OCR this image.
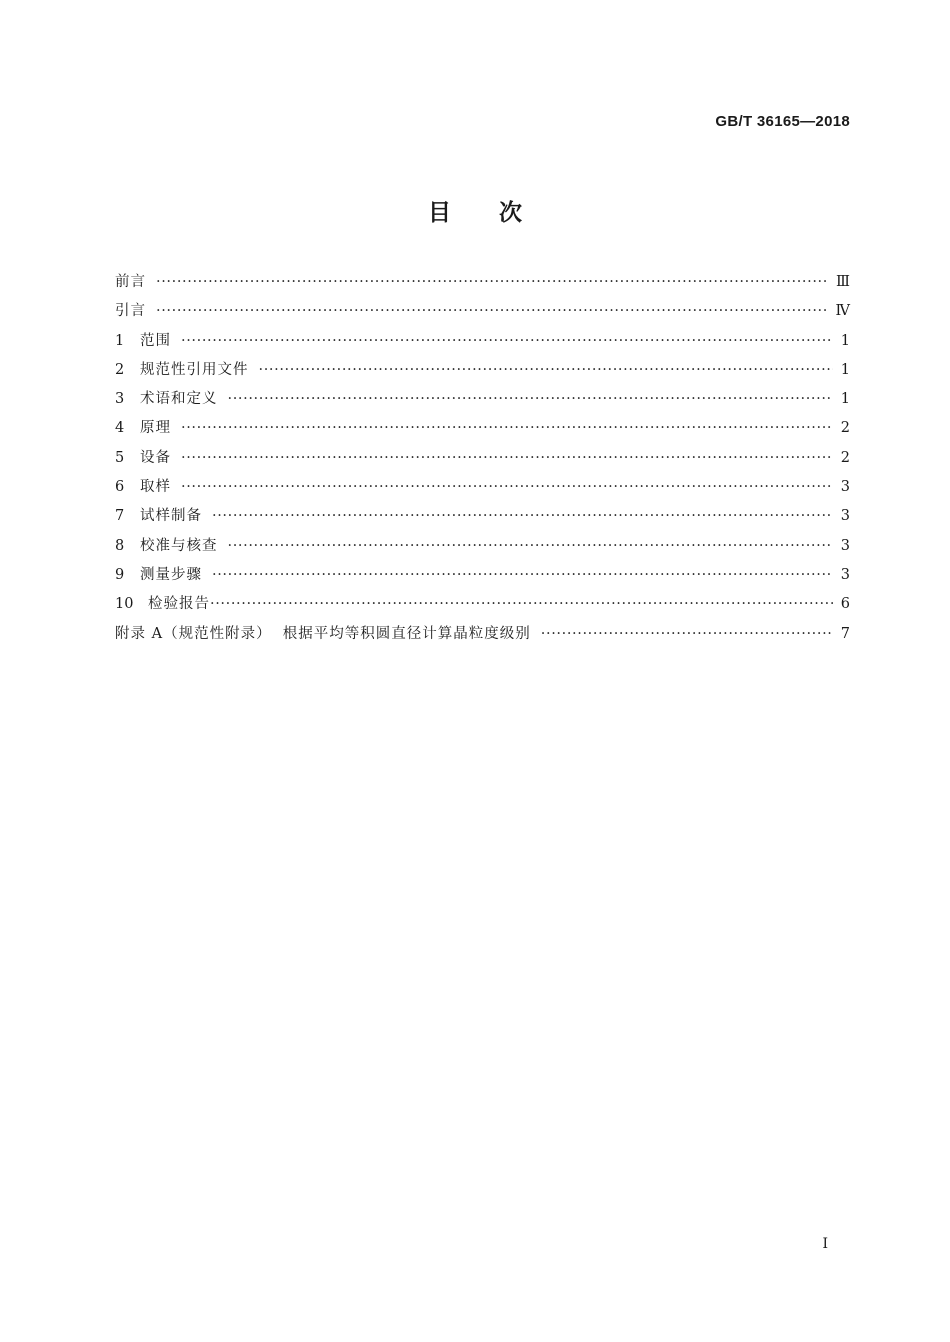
GB/T 36165—2018
目次
前言 ·····	Ⅲ
引言 ·····	Ⅳ
1	范围 ·····	1
2	规范性引用文件 ·····	1
3	术语和定义 ·····	1
4	原理 ·····	2
5	设备 ·····	2
6	取样 ·····	3
7	试样制备 ·····	3
8	校准与核查 ·····	3
9	测量步骤 ·····	3
10	检验报告 ·····	6
附录 A（规范性附录）  根据平均等积圆直径计算晶粒度级别 ·····	7
I
